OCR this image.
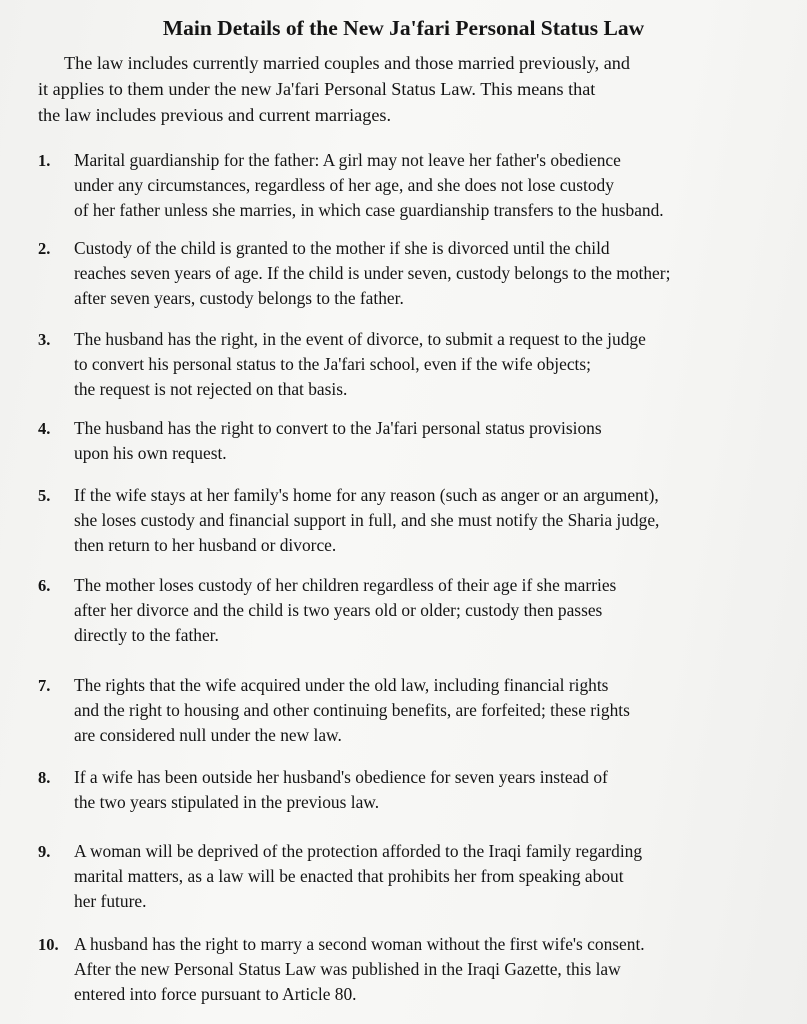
Main Details of the New Ja'fari Personal Status Law

The law includes currently married couples and those married previously, and
it applies to them under the new Ja'fari Personal Status Law. This means that
the law includes previous and current marriages.

1. Marital guardianship for the father: A girl may not leave her father's obedience
under any circumstances, regardless of her age, and she does not lose custody
of her father unless she marries, in which case guardianship transfers to the husband.
2. Custody of the child is granted to the mother if she is divorced until the child
reaches seven years of age. If the child is under seven, custody belongs to the mother;
after seven years, custody belongs to the father.
3. The husband has the right, in the event of divorce, to submit a request to the judge
to convert his personal status to the Ja'fari school, even if the wife objects;
the request is not rejected on that basis.
4. The husband has the right to convert to the Ja'fari personal status provisions
upon his own request.
5. If the wife stays at her family's home for any reason (such as anger or an argument),
she loses custody and financial support in full, and she must notify the Sharia judge,
then return to her husband or divorce.
6. The mother loses custody of her children regardless of their age if she marries
after her divorce and the child is two years old or older; custody then passes
directly to the father.
7. The rights that the wife acquired under the old law, including financial rights
and the right to housing and other continuing benefits, are forfeited; these rights
are considered null under the new law.
8. If a wife has been outside her husband's obedience for seven years instead of
the two years stipulated in the previous law.
9. A woman will be deprived of the protection afforded to the Iraqi family regarding
marital matters, as a law will be enacted that prohibits her from speaking about
her future.
10. A husband has the right to marry a second woman without the first wife's consent.
After the new Personal Status Law was published in the Iraqi Gazette, this law
entered into force pursuant to Article 80.
